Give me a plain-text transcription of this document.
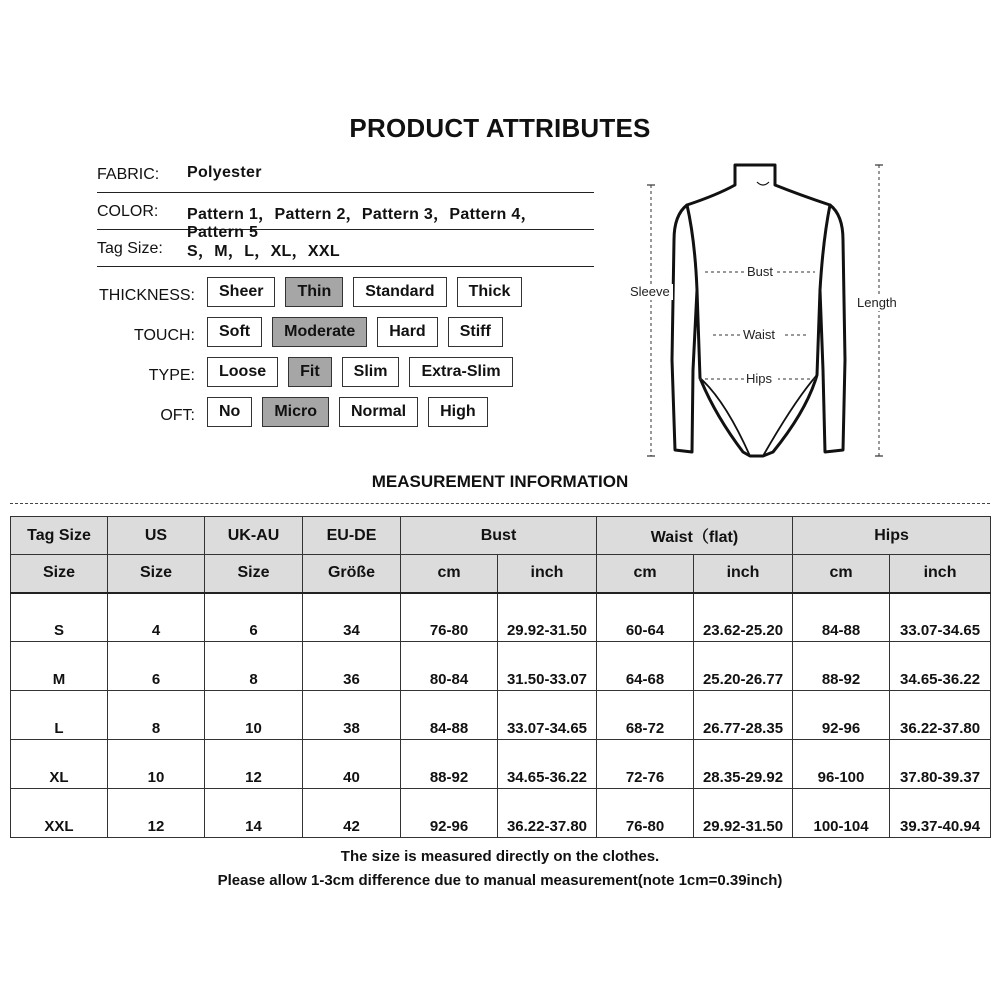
PRODUCT ATTRIBUTES
FABRIC: Polyester
COLOR: Pattern 1，Pattern 2，Pattern 3，Pattern 4，Pattern 5
Tag Size: S，M，L，XL，XXL
THICKNESS:	Sheer	Thin	Standard	Thick
TOUCH:	Soft	Moderate	Hard	Stiff
TYPE:	Loose	Fit	Slim	Extra-Slim
OFT:	No	Micro	Normal	High
Sleeve
Length
Bust
Waist
Hips
MEASUREMENT INFORMATION
Tag Size	US	UK-AU	EU-DE	Bust		Waist（flat)		Hips	
Size	Size	Size	Größe	cm	inch	cm	inch	cm	inch
S	4	6	34	76-80	29.92-31.50	60-64	23.62-25.20	84-88	33.07-34.65
M	6	8	36	80-84	31.50-33.07	64-68	25.20-26.77	88-92	34.65-36.22
L	8	10	38	84-88	33.07-34.65	68-72	26.77-28.35	92-96	36.22-37.80
XL	10	12	40	88-92	34.65-36.22	72-76	28.35-29.92	96-100	37.80-39.37
XXL	12	14	42	92-96	36.22-37.80	76-80	29.92-31.50	100-104	39.37-40.94
The size is measured directly on the clothes.
Please allow 1-3cm difference due to manual measurement(note 1cm=0.39inch)
